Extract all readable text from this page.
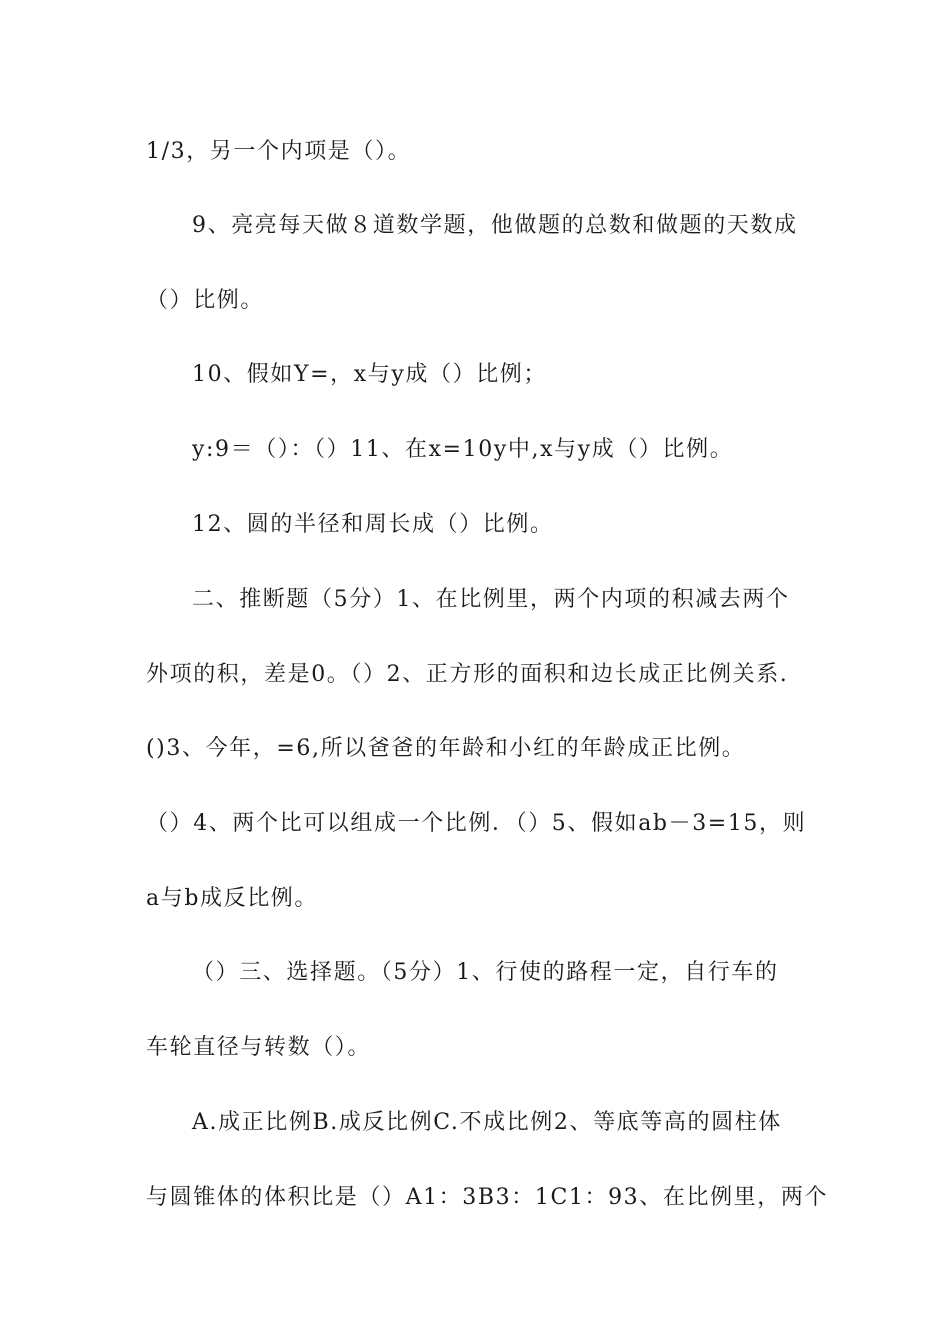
1/3，另一个内项是（）。
9、亮亮每天做８道数学题，他做题的总数和做题的天数成
（）比例。
10、假如Y=，x与y成（）比例；
y:9＝（）：（）11、在x=10y中,x与y成（）比例。
12、圆的半径和周长成（）比例。
二、推断题（5分）1、在比例里，两个内项的积减去两个
外项的积，差是0。（）2、正方形的面积和边长成正比例关系.
()3、今年，=6,所以爸爸的年龄和小红的年龄成正比例。
（）4、两个比可以组成一个比例．（）5、假如ab－3=15，则
a与b成反比例。
（）三、选择题。（5分）1、行使的路程一定，自行车的
车轮直径与转数（）。
A.成正比例B.成反比例C.不成比例2、等底等高的圆柱体
与圆锥体的体积比是（）A1：3B3：1C1：93、在比例里，两个
